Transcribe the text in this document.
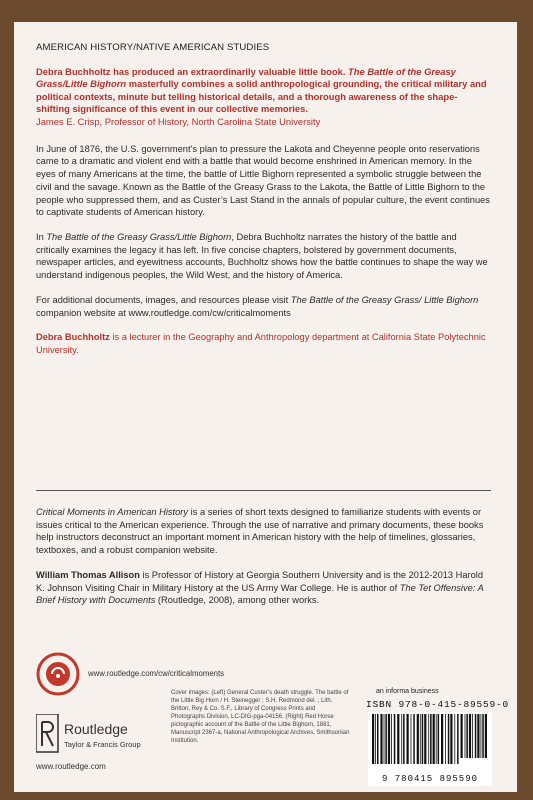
AMERICAN HISTORY/NATIVE AMERICAN STUDIES

Debra Buchholtz has produced an extraordinarily valuable little book. The Battle of the Greasy Grass/Little Bighorn masterfully combines a solid anthropological grounding, the critical military and political contexts, minute but telling historical details, and a thorough awareness of the shape-shifting significance of this event in our collective memories.

James E. Crisp, Professor of History, North Carolina State University

In June of 1876, the U.S. government’s plan to pressure the Lakota and Cheyenne people onto reservations came to a dramatic and violent end with a battle that would become enshrined in American memory. In the eyes of many Americans at the time, the battle of Little Bighorn represented a symbolic struggle between the civil and the savage. Known as the Battle of the Greasy Grass to the Lakota, the Battle of Little Bighorn to the people who suppressed them, and as Custer’s Last Stand in the annals of popular culture, the event continues to captivate students of American history.

In The Battle of the Greasy Grass/Little Bighorn, Debra Buchholtz narrates the history of the battle and critically examines the legacy it has left. In five concise chapters, bolstered by government documents, newspaper articles, and eyewitness accounts, Buchholtz shows how the battle continues to shape the way we understand indigenous peoples, the Wild West, and the history of America.

For additional documents, images, and resources please visit The Battle of the Greasy Grass/ Little Bighorn companion website at www.routledge.com/cw/criticalmoments

Debra Buchholtz is a lecturer in the Geography and Anthropology department at California State Polytechnic University.

Critical Moments in American History is a series of short texts designed to familiarize students with events or issues critical to the American experience. Through the use of narrative and primary documents, these books help instructors deconstruct an important moment in American history with the help of timelines, glossaries, textboxes, and a robust companion website.

William Thomas Allison is Professor of History at Georgia Southern University and is the 2012-2013 Harold K. Johnson Visiting Chair in Military History at the US Army War College. He is author of The Tet Offensive: A Brief History with Documents (Routledge, 2008), among other works.

www.routledge.com/cw/criticalmoments
Routledge
Taylor & Francis Group
www.routledge.com
Cover images: (Left) General Custer’s death struggle. The battle of the Little Big Horn / H. Steinegger ; S.H. Redmond del. ; Lith. Britton, Rey & Co. S.F., Library of Congress Prints and Photographs Division, LC-DIG-pga-04156. (Right) Red Horse pictographic account of the Battle of the Little Bighorn, 1881, Manuscript 2367-a, National Anthropological Archives, Smithsonian Institution.
an informa business
ISBN 978-0-415-89559-0
9 780415 895590
